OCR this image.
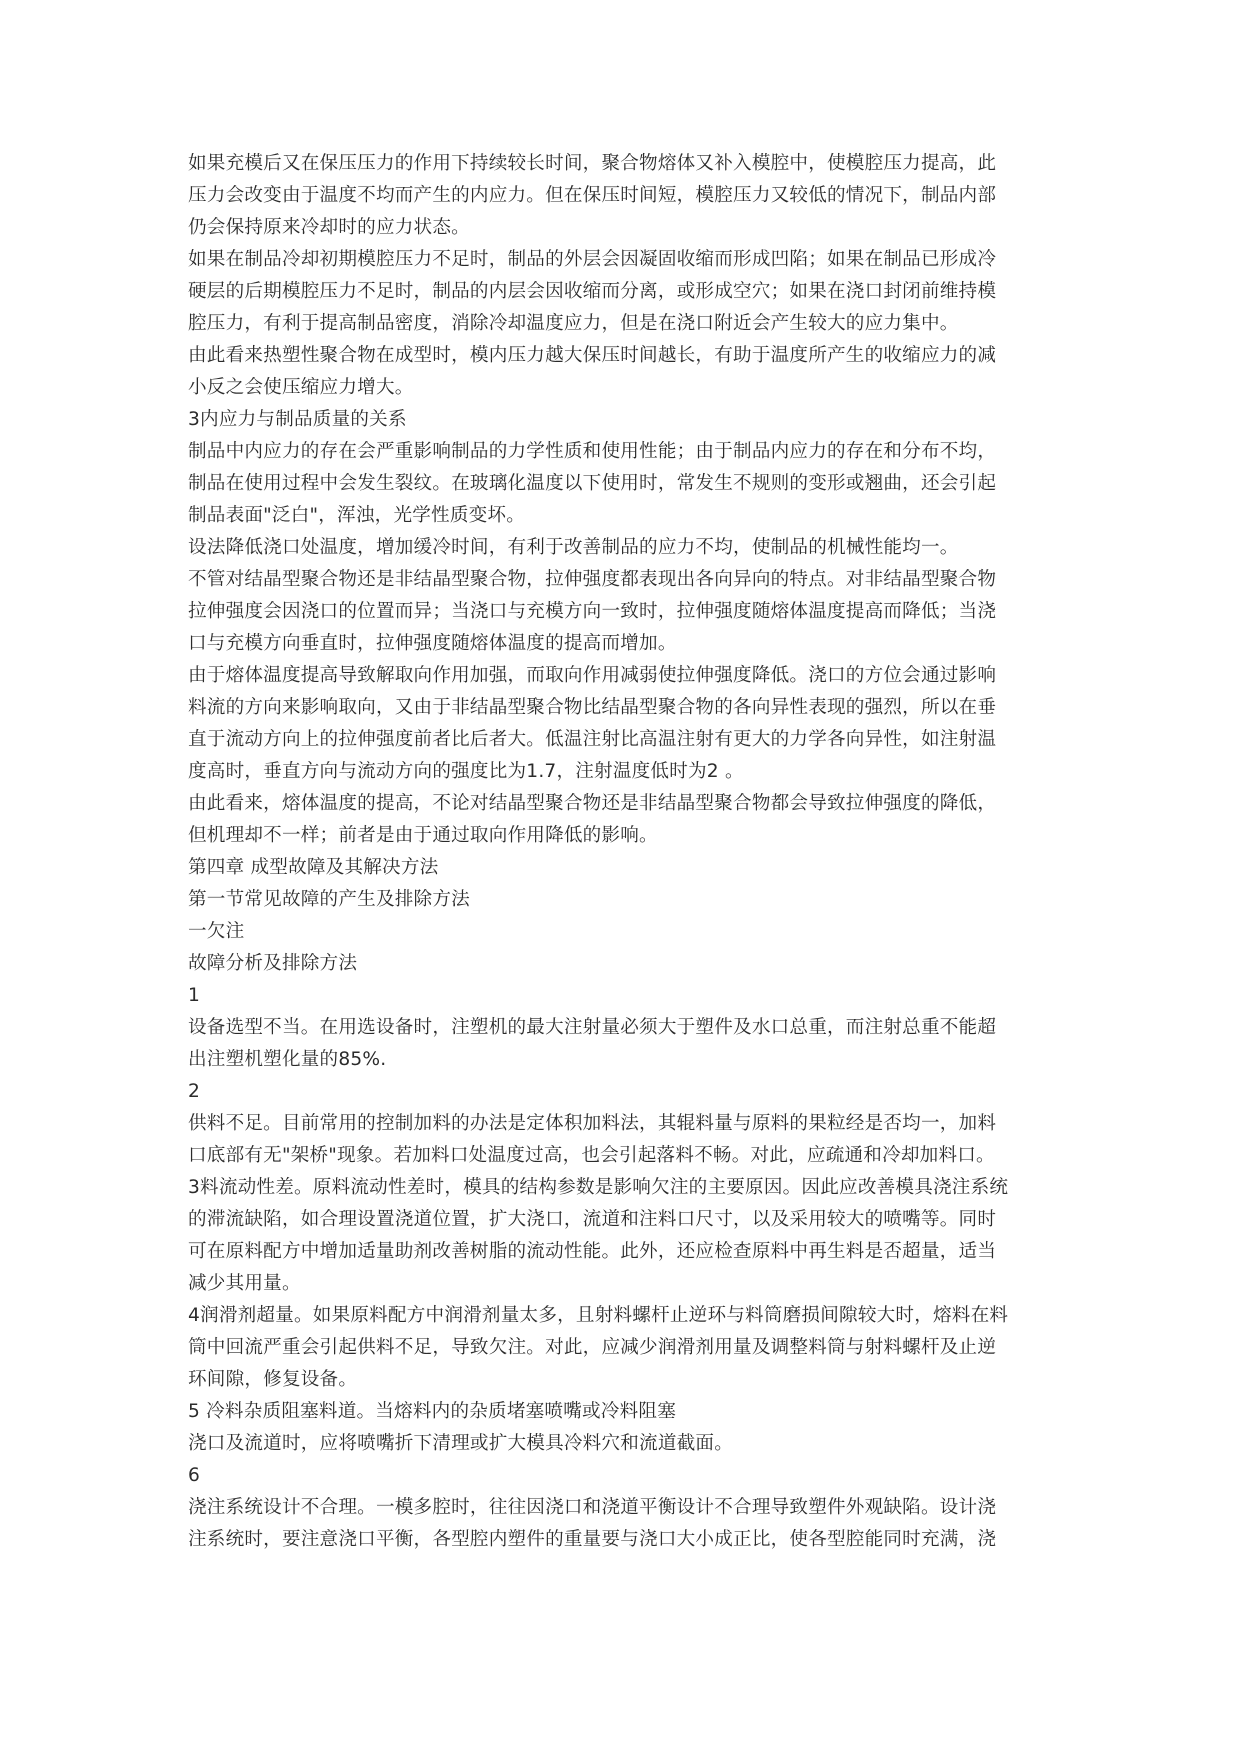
如果充模后又在保压压力的作用下持续较长时间，聚合物熔体又补入模腔中，使模腔压力提高，此
压力会改变由于温度不均而产生的内应力。但在保压时间短，模腔压力又较低的情况下，制品内部
仍会保持原来冷却时的应力状态。
如果在制品冷却初期模腔压力不足时，制品的外层会因凝固收缩而形成凹陷；如果在制品已形成冷
硬层的后期模腔压力不足时，制品的内层会因收缩而分离，或形成空穴；如果在浇口封闭前维持模
腔压力，有利于提高制品密度，消除冷却温度应力，但是在浇口附近会产生较大的应力集中。
由此看来热塑性聚合物在成型时，模内压力越大保压时间越长，有助于温度所产生的收缩应力的减
小反之会使压缩应力增大。
3内应力与制品质量的关系
制品中内应力的存在会严重影响制品的力学性质和使用性能；由于制品内应力的存在和分布不均，
制品在使用过程中会发生裂纹。在玻璃化温度以下使用时，常发生不规则的变形或翘曲，还会引起
制品表面"泛白"，浑浊，光学性质变坏。
设法降低浇口处温度，增加缓冷时间，有利于改善制品的应力不均，使制品的机械性能均一。
不管对结晶型聚合物还是非结晶型聚合物，拉伸强度都表现出各向异向的特点。对非结晶型聚合物
拉伸强度会因浇口的位置而异；当浇口与充模方向一致时，拉伸强度随熔体温度提高而降低；当浇
口与充模方向垂直时，拉伸强度随熔体温度的提高而增加。
由于熔体温度提高导致解取向作用加强，而取向作用减弱使拉伸强度降低。浇口的方位会通过影响
料流的方向来影响取向，又由于非结晶型聚合物比结晶型聚合物的各向异性表现的强烈，所以在垂
直于流动方向上的拉伸强度前者比后者大。低温注射比高温注射有更大的力学各向异性，如注射温
度高时，垂直方向与流动方向的强度比为1.7，注射温度低时为2 。
由此看来，熔体温度的提高，不论对结晶型聚合物还是非结晶型聚合物都会导致拉伸强度的降低，
但机理却不一样；前者是由于通过取向作用降低的影响。
第四章 成型故障及其解决方法
第一节常见故障的产生及排除方法
一欠注
故障分析及排除方法
1
设备选型不当。在用选设备时，注塑机的最大注射量必须大于塑件及水口总重，而注射总重不能超
出注塑机塑化量的85%.
2
供料不足。目前常用的控制加料的办法是定体积加料法，其辊料量与原料的果粒经是否均一，加料
口底部有无"架桥"现象。若加料口处温度过高，也会引起落料不畅。对此，应疏通和冷却加料口。
3料流动性差。原料流动性差时，模具的结构参数是影响欠注的主要原因。因此应改善模具浇注系统
的滞流缺陷，如合理设置浇道位置，扩大浇口，流道和注料口尺寸，以及采用较大的喷嘴等。同时
可在原料配方中增加适量助剂改善树脂的流动性能。此外，还应检查原料中再生料是否超量，适当
减少其用量。
4润滑剂超量。如果原料配方中润滑剂量太多，且射料螺杆止逆环与料筒磨损间隙较大时，熔料在料
筒中回流严重会引起供料不足，导致欠注。对此，应减少润滑剂用量及调整料筒与射料螺杆及止逆
环间隙，修复设备。
5 冷料杂质阻塞料道。当熔料内的杂质堵塞喷嘴或冷料阻塞
浇口及流道时，应将喷嘴折下清理或扩大模具冷料穴和流道截面。
6
浇注系统设计不合理。一模多腔时，往往因浇口和浇道平衡设计不合理导致塑件外观缺陷。设计浇
注系统时，要注意浇口平衡，各型腔内塑件的重量要与浇口大小成正比，使各型腔能同时充满，浇
